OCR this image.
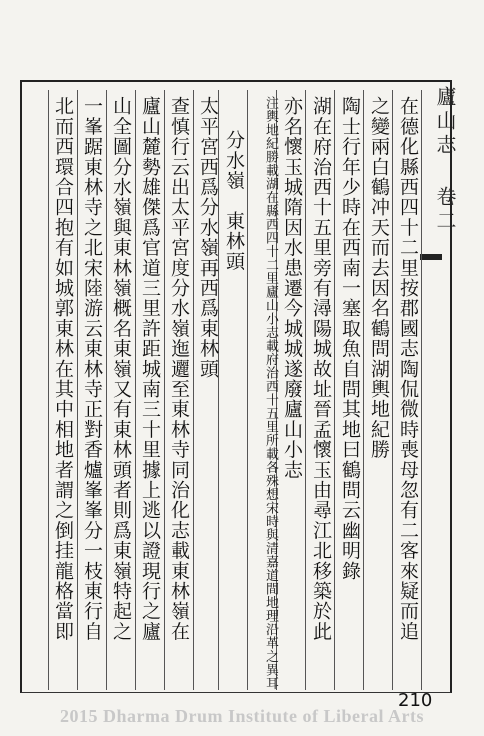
廬山志 卷二
在德化縣西四十二里按郡國志陶侃微時喪母忽有二客來疑而追
之變兩白鶴冲天而去因名鶴問湖輿地紀勝
陶士行年少時在西南一塞取魚自問其地曰鶴問云幽明錄
湖在府治西十五里旁有潯陽城故址晉孟懷玉由尋江北移築於此
亦名懷玉城隋因水患遷今城城遂廢廬山小志
注輿地紀勝載湖在縣西四十二里廬山小志載府治西十五里所載各殊想宋時與清嘉道間地理沿革之異耳
分水嶺　東林頭
太平宮西爲分水嶺再西爲東林頭
查慎行云出太平宮度分水嶺迤邐至東林寺同治化志載東林嶺在
廬山麓勢雄傑爲官道三里許距城南三十里據上逃以證現行之廬
山全圖分水嶺與東林嶺概名東嶺又有東林頭者則爲東嶺特起之
一峯踞東林寺之北宋陸游云東林寺正對香爐峯峯分一枝東行自
北而西環合四抱有如城郭東林在其中相地者謂之倒挂龍格當即
210
2015 Dharma Drum Institute of Liberal Arts
